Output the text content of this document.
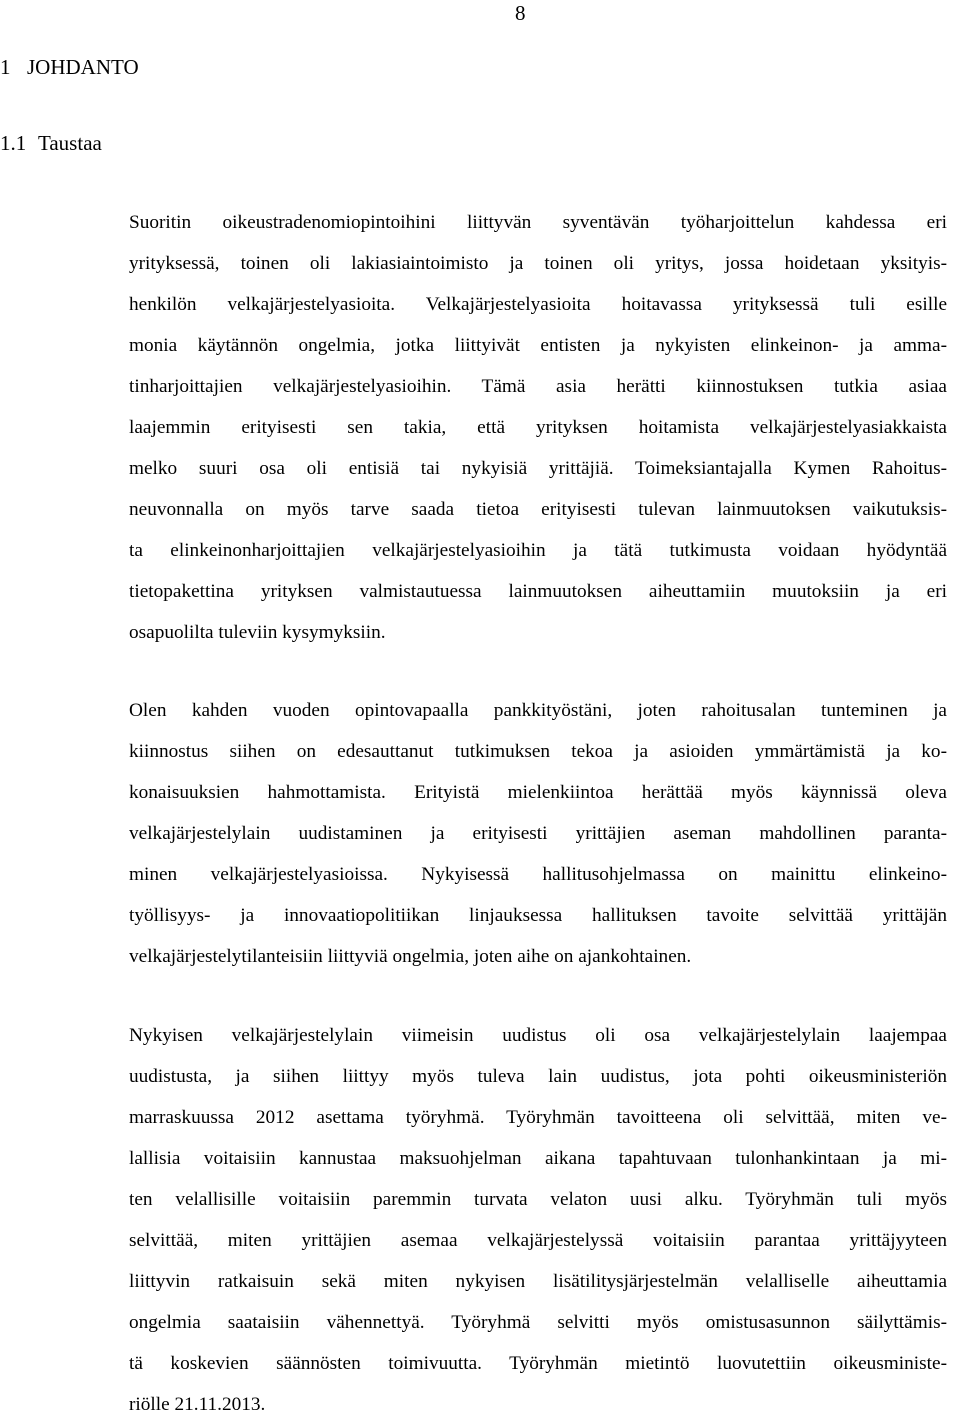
8
1 JOHDANTO
1.1 Taustaa
Suoritin oikeustradenomiopintoihini liittyvän syventävän työharjoittelun kahdessa eri
yrityksessä, toinen oli lakiasiaintoimisto ja toinen oli yritys, jossa hoidetaan yksityis-
henkilön velkajärjestelyasioita. Velkajärjestelyasioita hoitavassa yrityksessä tuli esille
monia käytännön ongelmia, jotka liittyivät entisten ja nykyisten elinkeinon- ja amma-
tinharjoittajien velkajärjestelyasioihin. Tämä asia herätti kiinnostuksen tutkia asiaa
laajemmin erityisesti sen takia, että yrityksen hoitamista velkajärjestelyasiakkaista
melko suuri osa oli entisiä tai nykyisiä yrittäjiä. Toimeksiantajalla Kymen Rahoitus-
neuvonnalla on myös tarve saada tietoa erityisesti tulevan lainmuutoksen vaikutuksis-
ta elinkeinonharjoittajien velkajärjestelyasioihin ja tätä tutkimusta voidaan hyödyntää
tietopakettina yrityksen valmistautuessa lainmuutoksen aiheuttamiin muutoksiin ja eri
osapuolilta tuleviin kysymyksiin.
Olen kahden vuoden opintovapaalla pankkityöstäni, joten rahoitusalan tunteminen ja
kiinnostus siihen on edesauttanut tutkimuksen tekoa ja asioiden ymmärtämistä ja ko-
konaisuuksien hahmottamista. Erityistä mielenkiintoa herättää myös käynnissä oleva
velkajärjestelylain uudistaminen ja erityisesti yrittäjien aseman mahdollinen paranta-
minen velkajärjestelyasioissa. Nykyisessä hallitusohjelmassa on mainittu elinkeino-
työllisyys- ja innovaatiopolitiikan linjauksessa hallituksen tavoite selvittää yrittäjän
velkajärjestelytilanteisiin liittyviä ongelmia, joten aihe on ajankohtainen.
Nykyisen velkajärjestelylain viimeisin uudistus oli osa velkajärjestelylain laajempaa
uudistusta, ja siihen liittyy myös tuleva lain uudistus, jota pohti oikeusministeriön
marraskuussa 2012 asettama työryhmä. Työryhmän tavoitteena oli selvittää, miten ve-
lallisia voitaisiin kannustaa maksuohjelman aikana tapahtuvaan tulonhankintaan ja mi-
ten velallisille voitaisiin paremmin turvata velaton uusi alku. Työryhmän tuli myös
selvittää, miten yrittäjien asemaa velkajärjestelyssä voitaisiin parantaa yrittäjyyteen
liittyvin ratkaisuin sekä miten nykyisen lisätilitysjärjestelmän velalliselle aiheuttamia
ongelmia saataisiin vähennettyä. Työryhmä selvitti myös omistusasunnon säilyttämis-
tä koskevien säännösten toimivuutta. Työryhmän mietintö luovutettiin oikeusministe-
riölle 21.11.2013.
